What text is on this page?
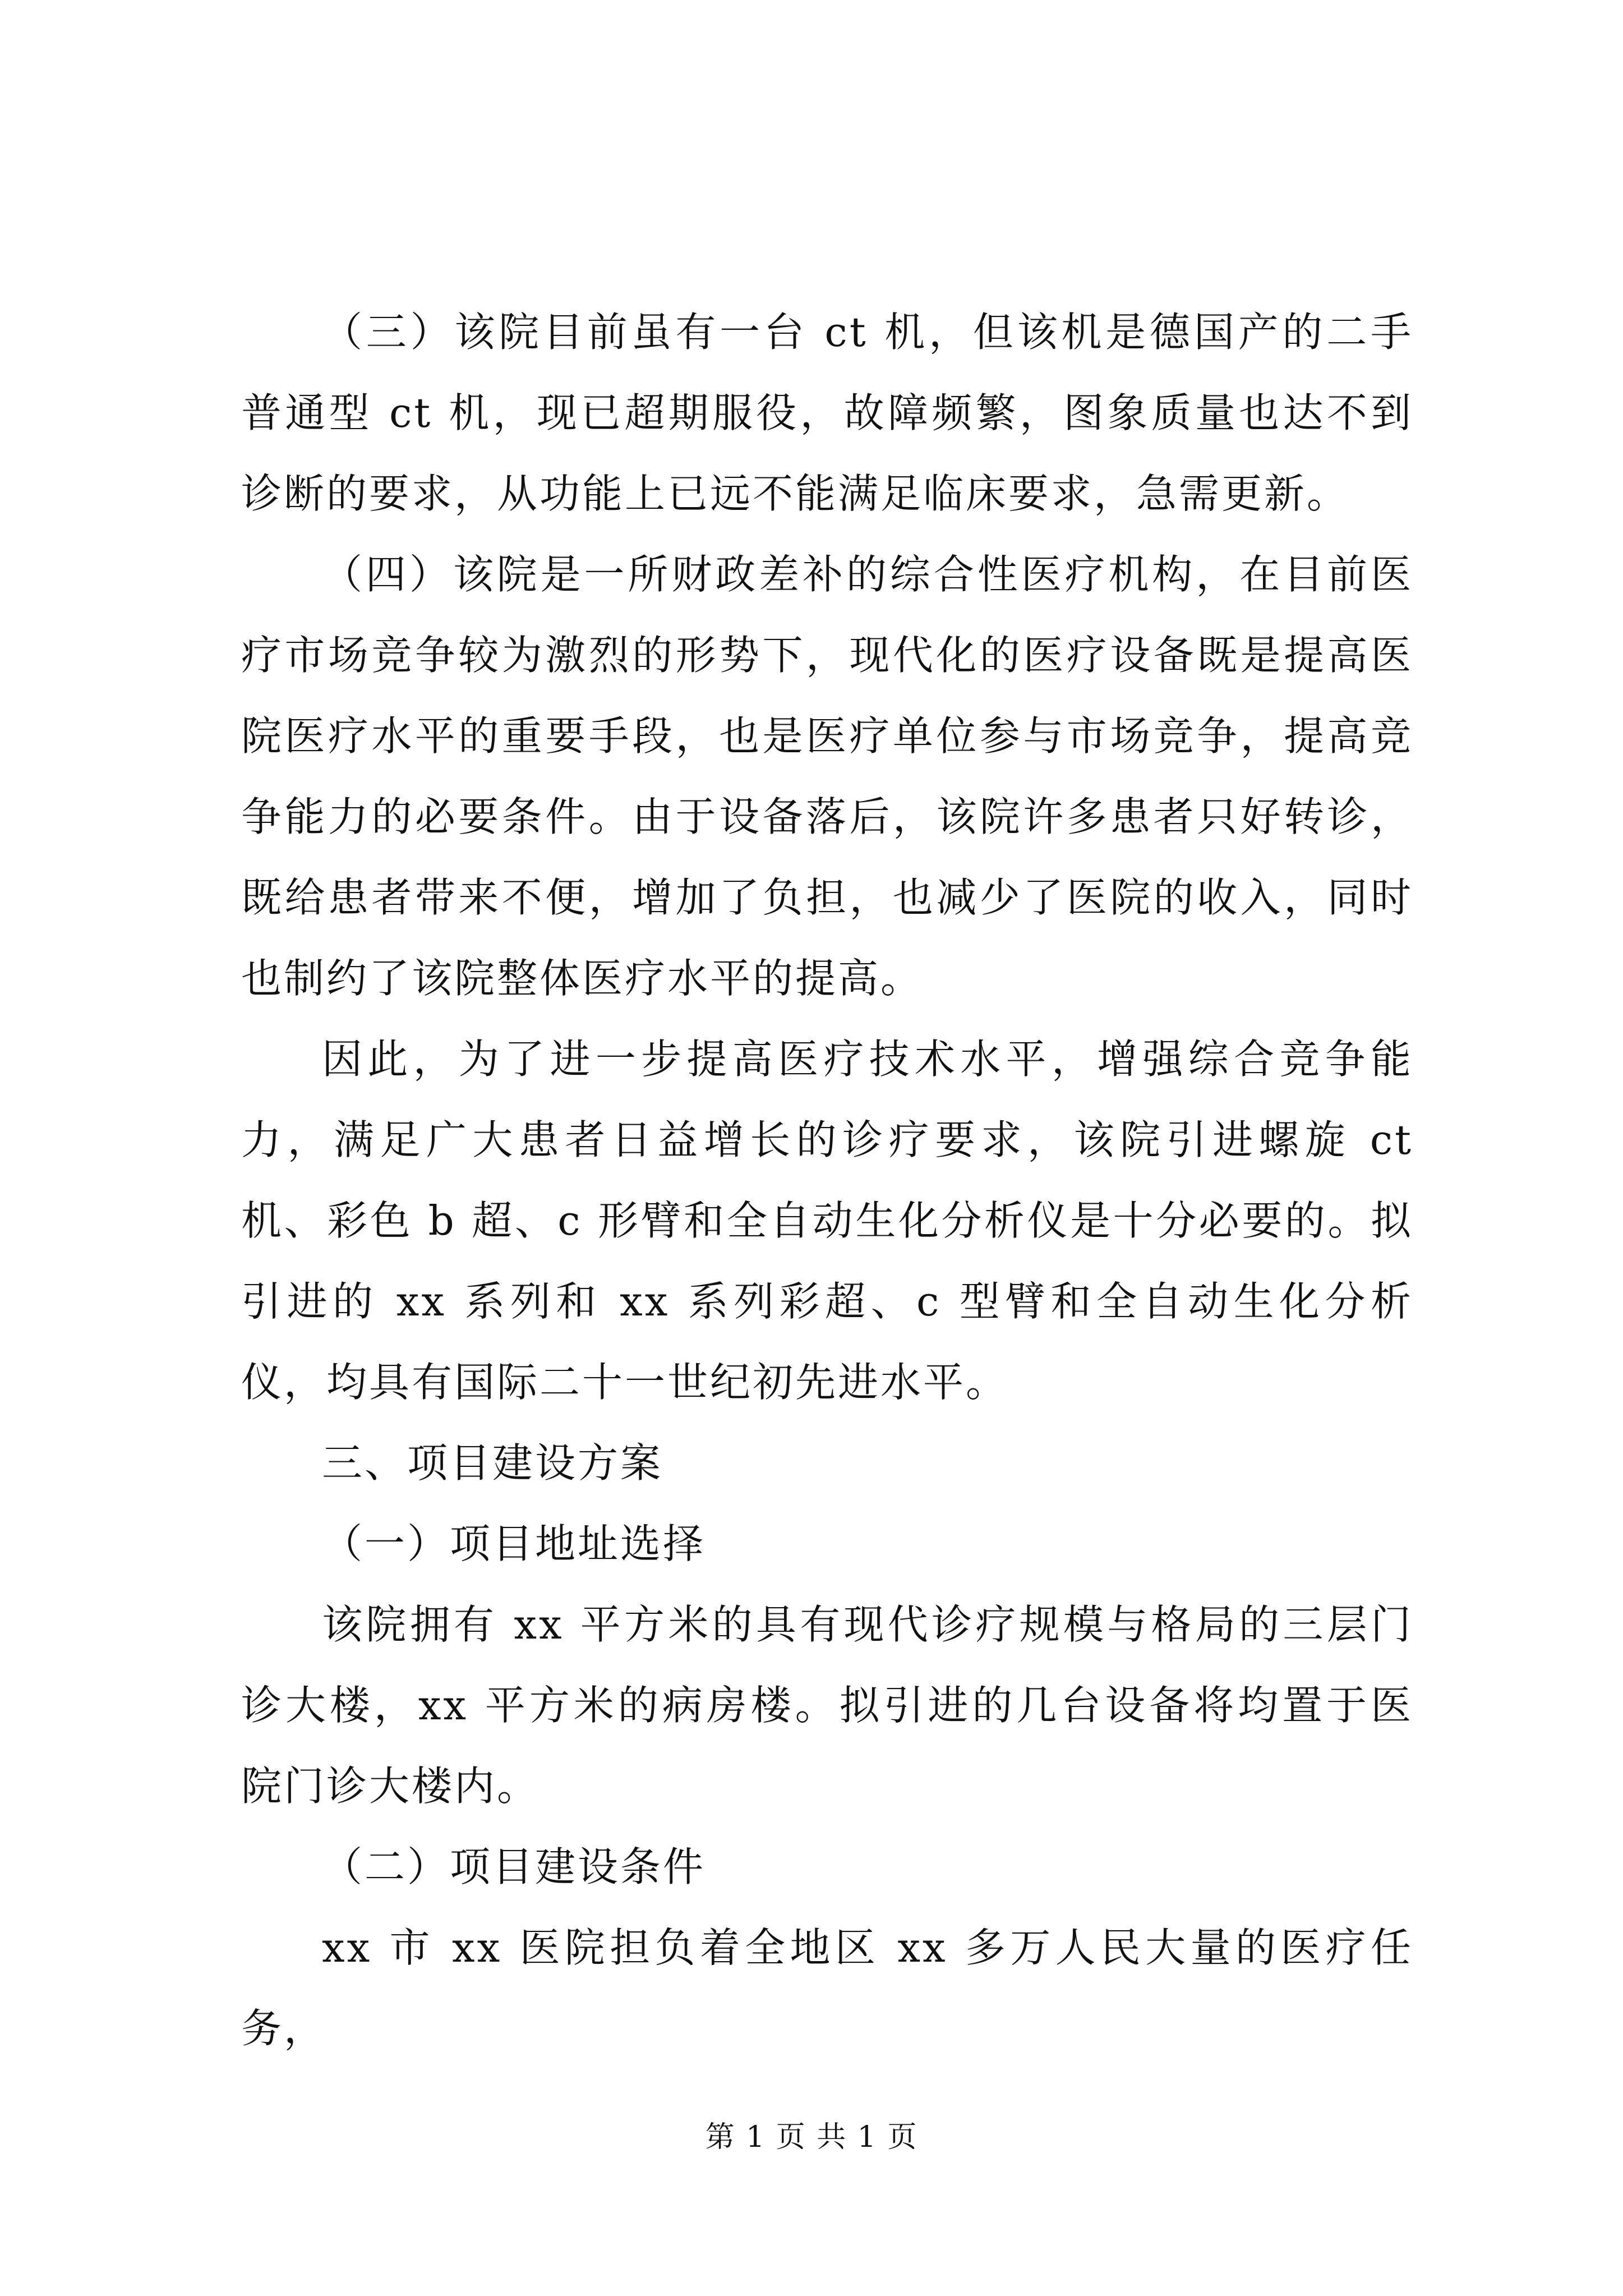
（三）该院目前虽有一台 ct 机，但该机是德国产的二手普通型 ct 机，现已超期服役，故障频繁，图象质量也达不到诊断的要求，从功能上已远不能满足临床要求，急需更新。

（四）该院是一所财政差补的综合性医疗机构，在目前医疗市场竞争较为激烈的形势下，现代化的医疗设备既是提高医院医疗水平的重要手段，也是医疗单位参与市场竞争，提高竞争能力的必要条件。由于设备落后，该院许多患者只好转诊，既给患者带来不便，增加了负担，也减少了医院的收入，同时也制约了该院整体医疗水平的提高。

因此，为了进一步提高医疗技术水平，增强综合竞争能力，满足广大患者日益增长的诊疗要求，该院引进螺旋 ct 机、彩色 b 超、c 形臂和全自动生化分析仪是十分必要的。拟引进的 xx 系列和 xx 系列彩超、c 型臂和全自动生化分析仪，均具有国际二十一世纪初先进水平。

三、项目建设方案

（一）项目地址选择

该院拥有 xx 平方米的具有现代诊疗规模与格局的三层门诊大楼，xx 平方米的病房楼。拟引进的几台设备将均置于医院门诊大楼内。

（二）项目建设条件

xx 市 xx 医院担负着全地区 xx 多万人民大量的医疗任务，

第 1 页 共 1 页
